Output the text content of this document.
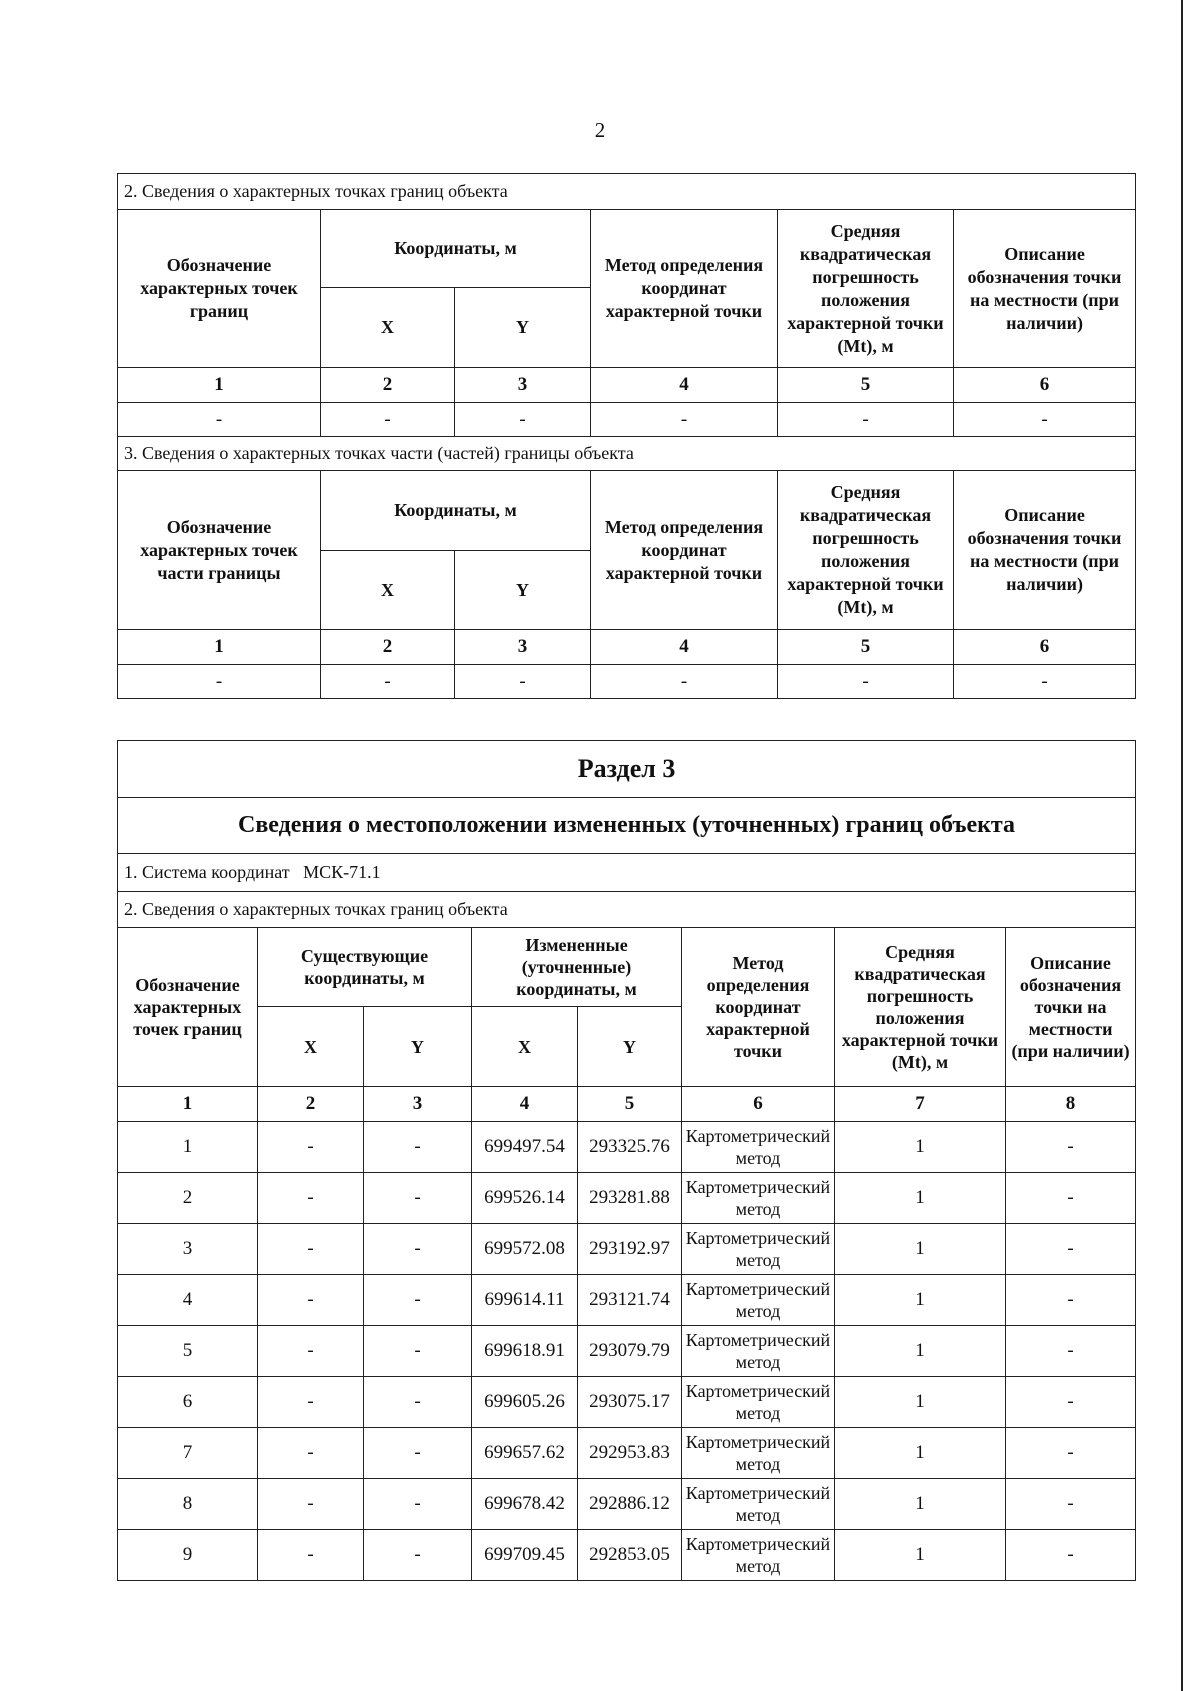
2
2. Сведения о характерных точках границ объекта					
Обозначение характерных точек границ	Координаты, м		Метод определения координат характерной точки	Средняя квадратическая погрешность положения характерной точки (Mt), м	Описание обозначения точки на местности (при наличии)
	X	Y			
1	2	3	4	5	6
-	-	-	-	-	-
3. Сведения о характерных точках части (частей) границы объекта					
Обозначение характерных точек части границы	Координаты, м		Метод определения координат характерной точки	Средняя квадратическая погрешность положения характерной точки (Mt), м	Описание обозначения точки на местности (при наличии)
	X	Y			
1	2	3	4	5	6
-	-	-	-	-	-
Раздел 3							
Сведения о местоположении измененных (уточненных) границ объекта							
1. Система координат МСК-71.1							
2. Сведения о характерных точках границ объекта							
Обозначение характерных точек границ	Существующие координаты, м		Измененные (уточненные) координаты, м		Метод определения координат характерной точки	Средняя квадратическая погрешность положения характерной точки (Mt), м	Описание обозначения точки на местности (при наличии)
	X	Y	X	Y			
1	2	3	4	5	6	7	8
1	-	-	699497.54	293325.76	Картометрический метод	1	-
2	-	-	699526.14	293281.88	Картометрический метод	1	-
3	-	-	699572.08	293192.97	Картометрический метод	1	-
4	-	-	699614.11	293121.74	Картометрический метод	1	-
5	-	-	699618.91	293079.79	Картометрический метод	1	-
6	-	-	699605.26	293075.17	Картометрический метод	1	-
7	-	-	699657.62	292953.83	Картометрический метод	1	-
8	-	-	699678.42	292886.12	Картометрический метод	1	-
9	-	-	699709.45	292853.05	Картометрический метод	1	-
